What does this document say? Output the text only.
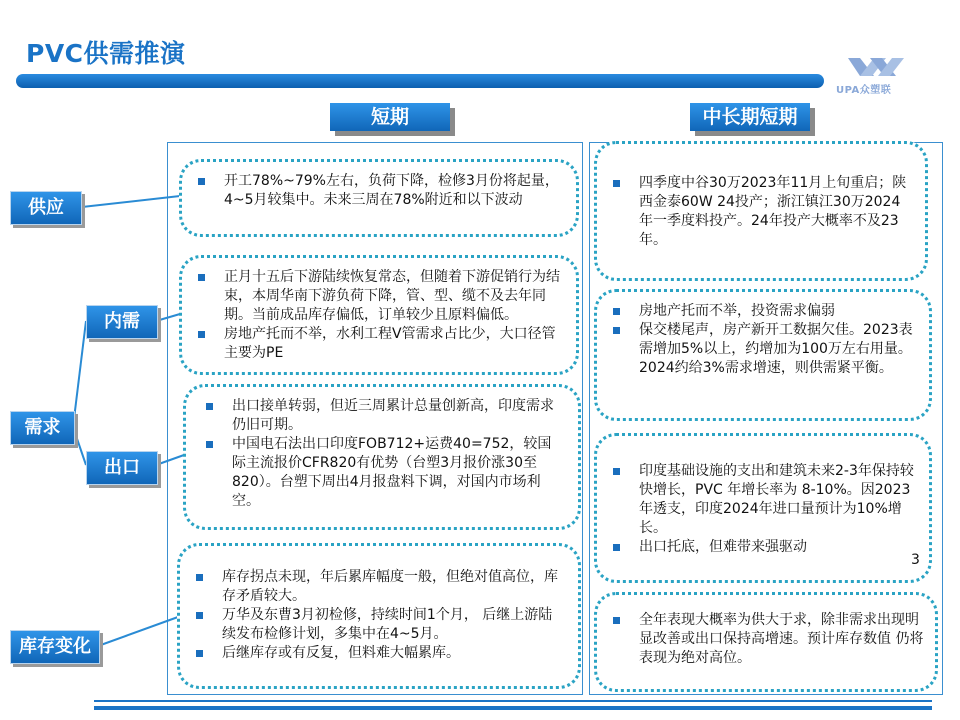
PVC供需推演
UPA众塑联
短期	中长期短期
供应
内需
需求
出口
库存变化
开工78%~79%左右，负荷下降，检修3月份将起量，4~5月较集中。未来三周在78%附近和以下波动
正月十五后下游陆续恢复常态，但随着下游促销行为结束，本周华南下游负荷下降，管、型、缆不及去年同期。当前成品库存偏低，订单较少且原料偏低。
房地产托而不举，水利工程V管需求占比少，大口径管主要为PE
出口接单转弱，但近三周累计总量创新高，印度需求仍旧可期。
中国电石法出口印度FOB712+运费40=752，较国际主流报价CFR820有优势（台塑3月报价涨30至820）。台塑下周出4月报盘料下调，对国内市场利空。
库存拐点未现，年后累库幅度一般，但绝对值高位，库存矛盾较大。
万华及东曹3月初检修，持续时间1个月， 后继上游陆续发布检修计划，多集中在4~5月。
后继库存或有反复，但料难大幅累库。
四季度中谷30万2023年11月上旬重启；陕西金泰60W 24投产；浙江镇江30万2024年一季度料投产。24年投产大概率不及23年。
房地产托而不举，投资需求偏弱
保交楼尾声，房产新开工数据欠佳。2023表需增加5%以上，约增加为100万左右用量。2024约给3%需求增速，则供需紧平衡。
印度基础设施的支出和建筑未来2-3年保持较快增长，PVC 年增长率为 8-10%。因2023年透支，印度2024年进口量预计为10%增长。
出口托底，但难带来强驱动
全年表现大概率为供大于求，除非需求出现明显改善或出口保持高增速。预计库存数值 仍将表现为绝对高位。
3
